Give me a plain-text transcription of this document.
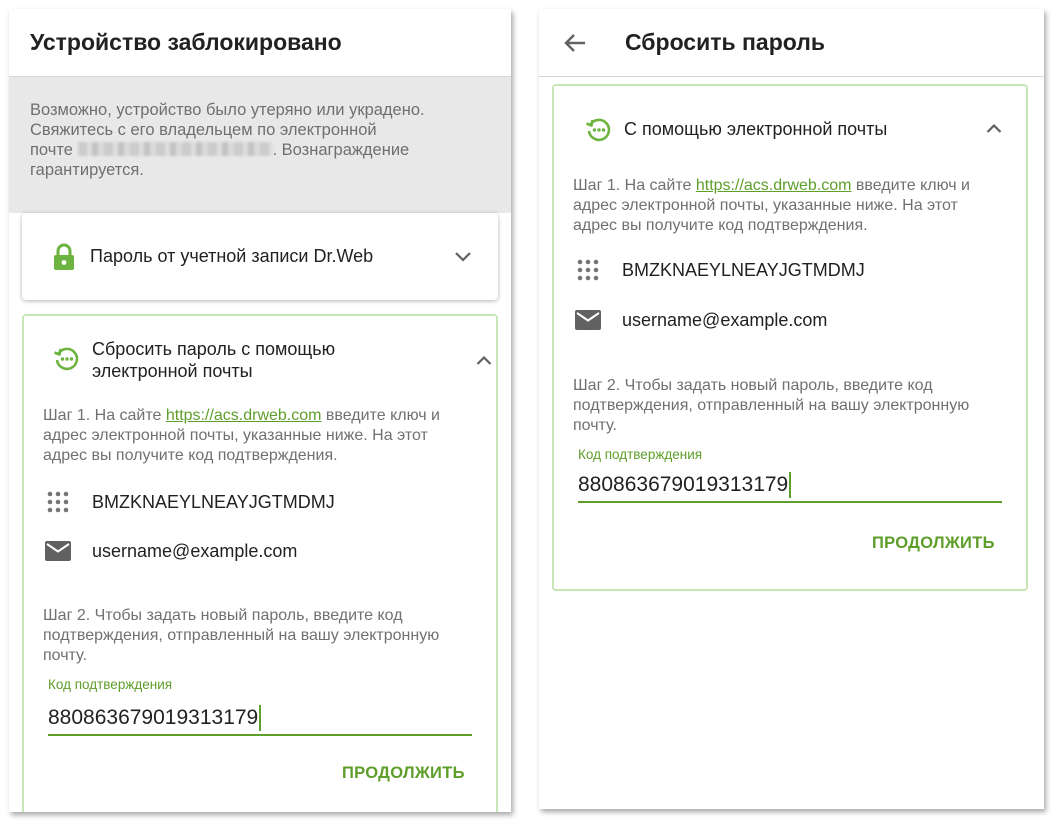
Устройство заблокировано
Возможно, устройство было утеряно или украдено.
Свяжитесь с его владельцем по электронной
почте	. Вознаграждение
гарантируется.
Пароль от учетной записи Dr.Web
Сбросить пароль с помощью
электронной почты
Шаг 1. На сайте https://acs.drweb.com введите ключ и
адрес электронной почты, указанные ниже. На этот
адрес вы получите код подтверждения.
BMZKNAEYLNEAYJGTMDMJ
username@example.com
Шаг 2. Чтобы задать новый пароль, введите код
подтверждения, отправленный на вашу электронную
почту.
Код подтверждения
880863679019313179
ПРОДОЛЖИТЬ
Сбросить пароль
С помощью электронной почты
Шаг 1. На сайте https://acs.drweb.com введите ключ и
адрес электронной почты, указанные ниже. На этот
адрес вы получите код подтверждения.
BMZKNAEYLNEAYJGTMDMJ
username@example.com
Шаг 2. Чтобы задать новый пароль, введите код
подтверждения, отправленный на вашу электронную
почту.
Код подтверждения
880863679019313179
ПРОДОЛЖИТЬ
